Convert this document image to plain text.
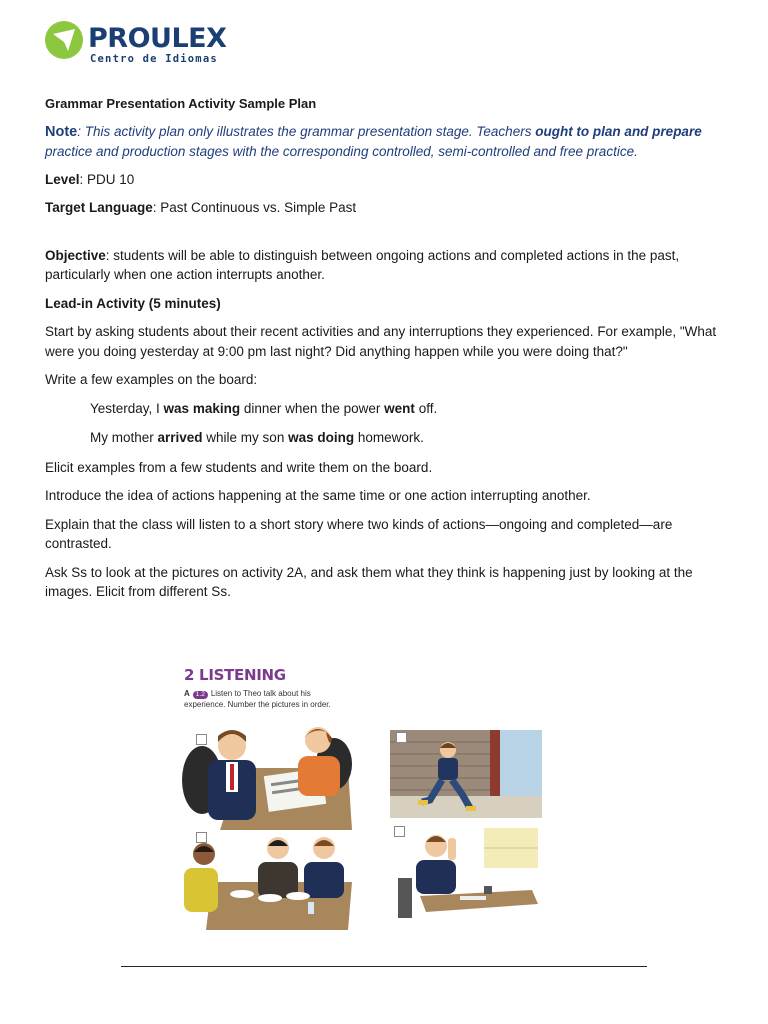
PROULEX
Centro de Idiomas

Grammar Presentation Activity Sample Plan

Note: This activity plan only illustrates the grammar presentation stage. Teachers ought to plan and prepare practice and production stages with the corresponding controlled, semi-controlled and free practice.

Level: PDU 10

Target Language: Past Continuous vs. Simple Past

Objective: students will be able to distinguish between ongoing actions and completed actions in the past, particularly when one action interrupts another.

Lead-in Activity (5 minutes)

Start by asking students about their recent activities and any interruptions they experienced. For example, "What were you doing yesterday at 9:00 pm last night? Did anything happen while you were doing that?"

Write a few examples on the board:

Yesterday, I was making dinner when the power went off.

My mother arrived while my son was doing homework.

Elicit examples from a few students and write them on the board.

Introduce the idea of actions happening at the same time or one action interrupting another.

Explain that the class will listen to a short story where two kinds of actions—ongoing and completed—are contrasted.

Ask Ss to look at the pictures on activity 2A, and ask them what they think is happening just by looking at the images. Elicit from different Ss.

2 LISTENING
A 1.2 Listen to Theo talk about his experience. Number the pictures in order.
